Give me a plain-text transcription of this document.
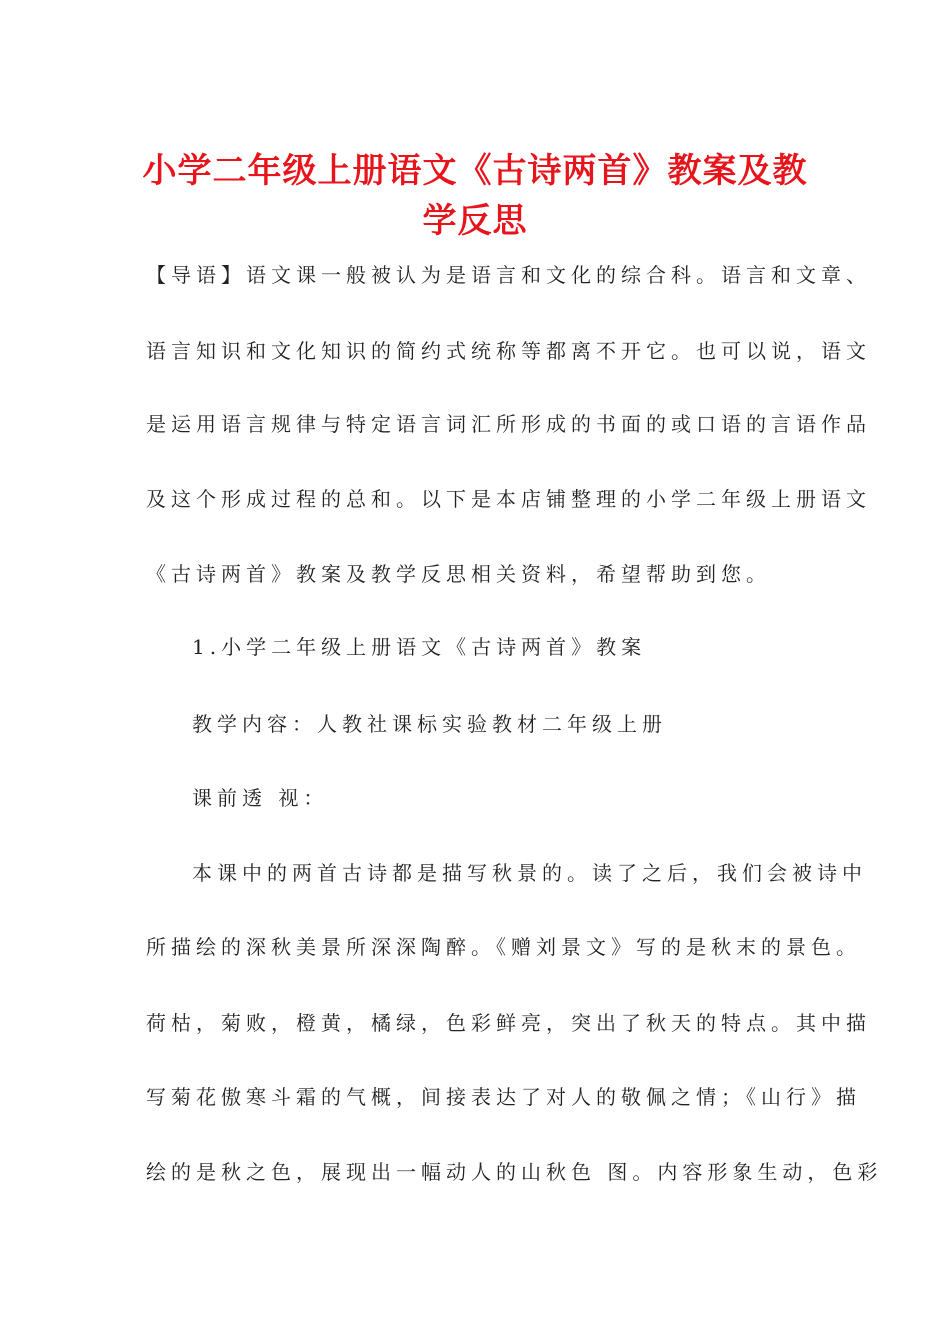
小学二年级上册语文《古诗两首》教案及教
学反思
【导语】语文课一般被认为是语言和文化的综合科。语言和文章、
语言知识和文化知识的简约式统称等都离不开它。也可以说，语文
是运用语言规律与特定语言词汇所形成的书面的或口语的言语作品
及这个形成过程的总和。以下是本店铺整理的小学二年级上册语文
《古诗两首》教案及教学反思相关资料，希望帮助到您。
1.小学二年级上册语文《古诗两首》教案
教学内容：人教社课标实验教材二年级上册
课前透 视：
本课中的两首古诗都是描写秋景的。读了之后，我们会被诗中
所描绘的深秋美景所深深陶醉。《赠刘景文》写的是秋末的景色。
荷枯，菊败，橙黄，橘绿，色彩鲜亮，突出了秋天的特点。其中描
写菊花傲寒斗霜的气概，间接表达了对人的敬佩之情；《山行》描
绘的是秋之色，展现出一幅动人的山秋色 图。内容形象生动，色彩
